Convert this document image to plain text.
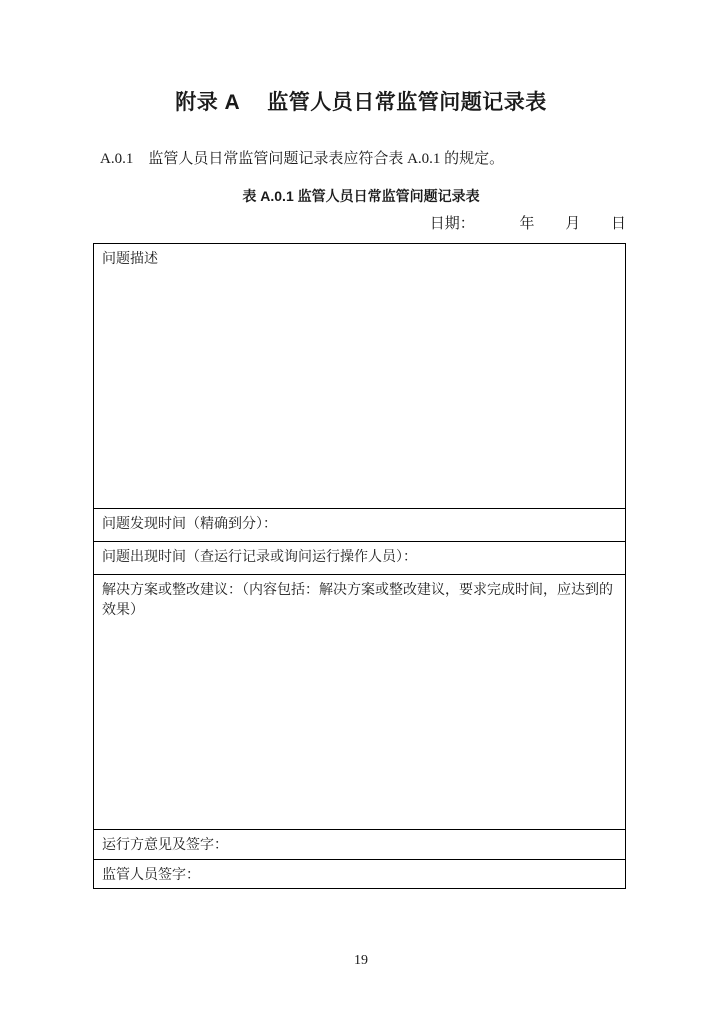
附录 A　 监管人员日常监管问题记录表

A.0.1　监管人员日常监管问题记录表应符合表 A.0.1 的规定。

表 A.0.1 监管人员日常监管问题记录表
日期：	年 月 日
问题描述
问题发现时间（精确到分）：
问题出现时间（查运行记录或询问运行操作人员）：
解决方案或整改建议：（内容包括：解决方案或整改建议，要求完成时间，应达到的效果）
运行方意见及签字：
监管人员签字：
19
